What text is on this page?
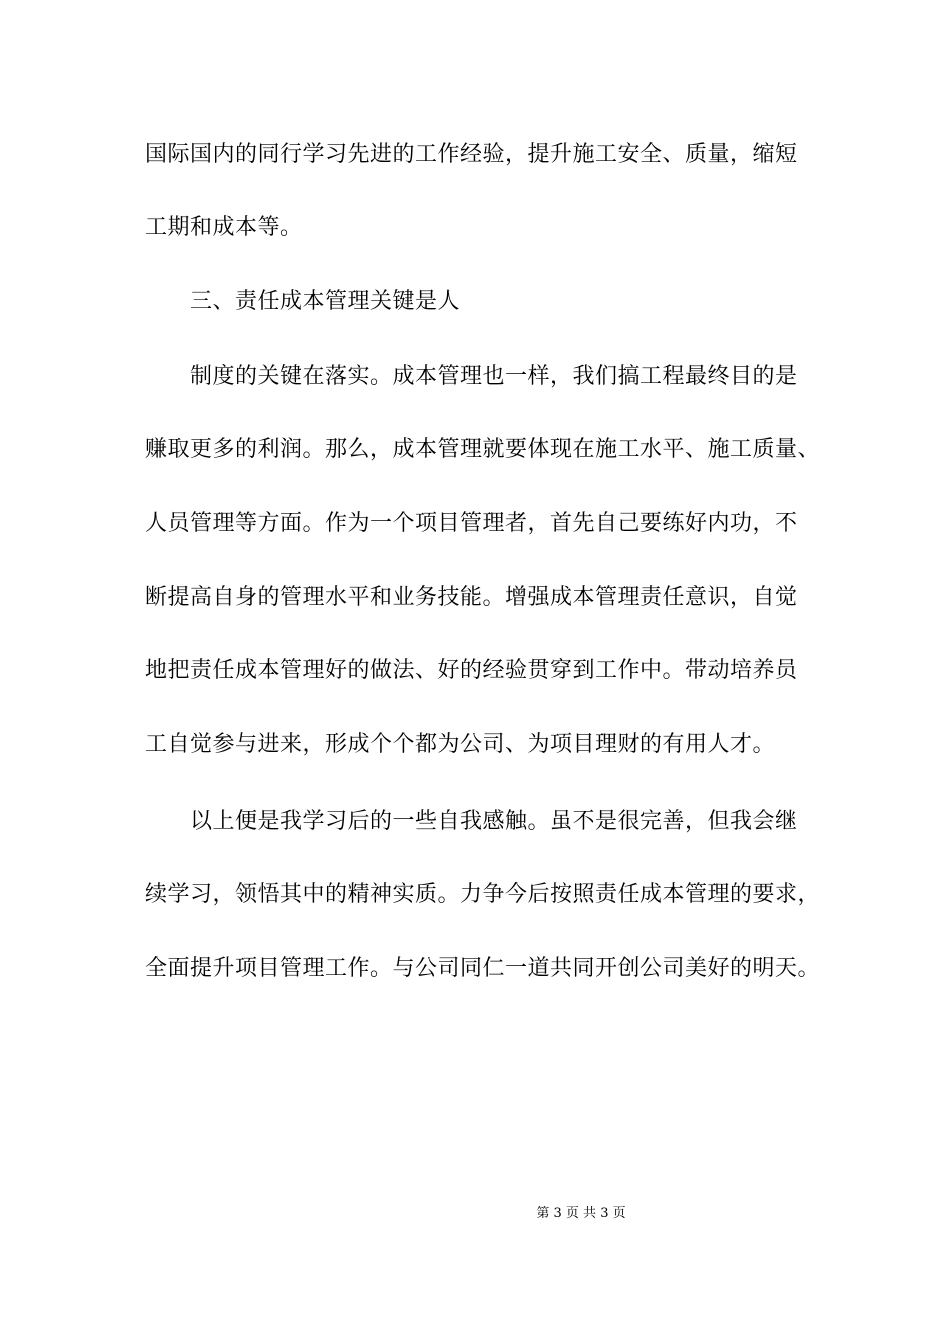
国际国内的同行学习先进的工作经验，提升施工安全、质量，缩短
工期和成本等。
三、责任成本管理关键是人
制度的关键在落实。成本管理也一样，我们搞工程最终目的是
赚取更多的利润。那么，成本管理就要体现在施工水平、施工质量、
人员管理等方面。作为一个项目管理者，首先自己要练好内功，不
断提高自身的管理水平和业务技能。增强成本管理责任意识，自觉
地把责任成本管理好的做法、好的经验贯穿到工作中。带动培养员
工自觉参与进来，形成个个都为公司、为项目理财的有用人才。
以上便是我学习后的一些自我感触。虽不是很完善，但我会继
续学习，领悟其中的精神实质。力争今后按照责任成本管理的要求，
全面提升项目管理工作。与公司同仁一道共同开创公司美好的明天。
第 3 页 共 3 页
